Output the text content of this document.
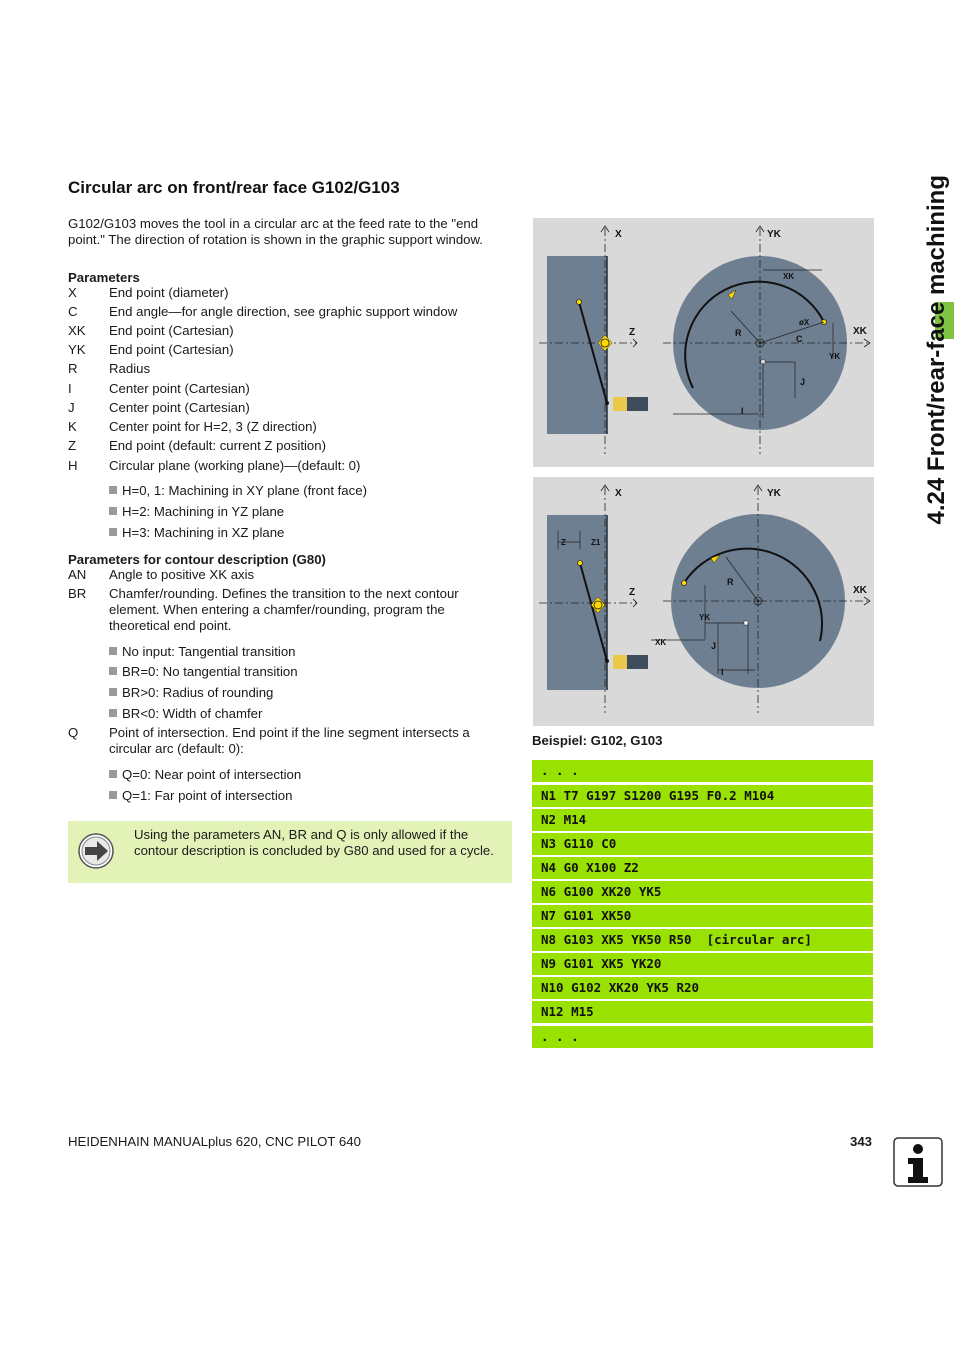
Circular arc on front/rear face G102/G103
G102/G103 moves the tool in a circular arc at the feed rate to the "end point." The direction of rotation is shown in the graphic support window.
Parameters
X End point (diameter)
C End angle—for angle direction, see graphic support window
XK End point (Cartesian)
YK End point (Cartesian)
R Radius
I	Center point (Cartesian)
J	Center point (Cartesian)
K Center point for H=2, 3 (Z direction)
Z End point (default: current Z position)
H Circular plane (working plane)—(default: 0)
H=0, 1: Machining in XY plane (front face)
H=2: Machining in YZ plane
H=3: Machining in XZ plane
Parameters for contour description (G80)
AN Angle to positive XK axis
BR Chamfer/rounding. Defines the transition to the next contour element. When entering a chamfer/rounding, program the theoretical end point.
No input: Tangential transition
BR=0: No tangential transition
BR>0: Radius of rounding
BR<0: Width of chamfer
Q Point of intersection. End point if the line segment intersects a circular arc (default: 0):
Q=0: Near point of intersection
Q=1: Far point of intersection
Using the parameters AN, BR and Q is only allowed if the contour description is concluded by G80 and used for a cycle.
X
Z
YK
XK
XK
R
C
øX
YK
J
I
X
Z
YK
XK
Z	Z1
R
YK
XK	J
I
Beispiel: G102, G103
. . .
N1 T7 G197 S1200 G195 F0.2 M104
N2 M14
N3 G110 C0
N4 G0 X100 Z2
N6 G100 XK20 YK5
N7 G101 XK50
N8 G103 XK5 YK50 R50  [circular arc]
N9 G101 XK5 YK20
N10 G102 XK20 YK5 R20
N12 M15
. . .
4.24 Front/rear-face machining
HEIDENHAIN MANUALplus 620, CNC PILOT 640	343
